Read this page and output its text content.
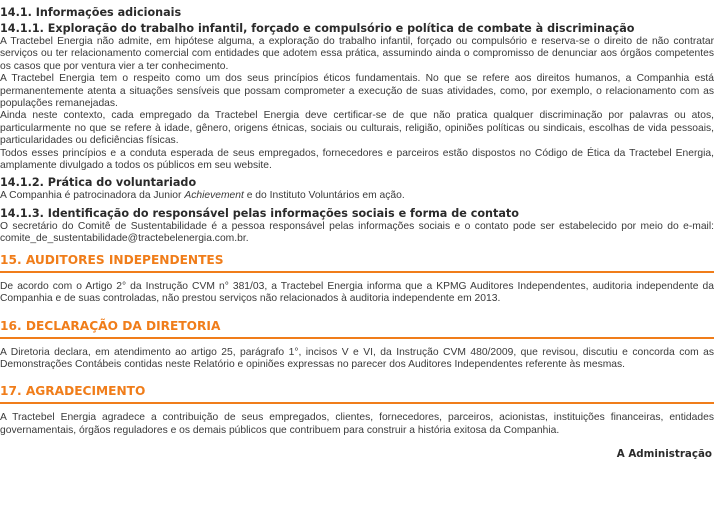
14.1. Informações adicionais
14.1.1. Exploração do trabalho infantil, forçado e compulsório e política de combate à discriminação

A Tractebel Energia não admite, em hipótese alguma, a exploração do trabalho infantil, forçado ou compulsório e reserva-se o direito de não contratar serviços ou ter relacionamento comercial com entidades que adotem essa prática, assumindo ainda o compromisso de denunciar aos órgãos competentes os casos que por ventura vier a ter conhecimento.

A Tractebel Energia tem o respeito como um dos seus princípios éticos fundamentais. No que se refere aos direitos humanos, a Companhia está permanentemente atenta a situações sensíveis que possam comprometer a execução de suas atividades, como, por exemplo, o relacionamento com as populações remanejadas.

Ainda neste contexto, cada empregado da Tractebel Energia deve certificar-se de que não pratica qualquer discriminação por palavras ou atos, particularmente no que se refere à idade, gênero, origens étnicas, sociais ou culturais, religião, opiniões políticas ou sindicais, escolhas de vida pessoais, particularidades ou deficiências físicas.

Todos esses princípios e a conduta esperada de seus empregados, fornecedores e parceiros estão dispostos no Código de Ética da Tractebel Energia, amplamente divulgado a todos os públicos em seu website.

14.1.2. Prática do voluntariado

A Companhia é patrocinadora da Junior Achievement e do Instituto Voluntários em ação.

14.1.3. Identificação do responsável pelas informações sociais e forma de contato

O secretário do Comitê de Sustentabilidade é a pessoa responsável pelas informações sociais e o contato pode ser estabelecido por meio do e-mail: comite_de_sustentabilidade@tractebelenergia.com.br.

15. AUDITORES INDEPENDENTES

De acordo com o Artigo 2° da Instrução CVM n° 381/03, a Tractebel Energia informa que a KPMG Auditores Independentes, auditoria independente da Companhia e de suas controladas, não prestou serviços não relacionados à auditoria independente em 2013.

16. DECLARAÇÃO DA DIRETORIA

A Diretoria declara, em atendimento ao artigo 25, parágrafo 1°, incisos V e VI, da Instrução CVM 480/2009, que revisou, discutiu e concorda com as Demonstrações Contábeis contidas neste Relatório e opiniões expressas no parecer dos Auditores Independentes referente às mesmas.

17. AGRADECIMENTO

A Tractebel Energia agradece a contribuição de seus empregados, clientes, fornecedores, parceiros, acionistas, instituições financeiras, entidades governamentais, órgãos reguladores e os demais públicos que contribuem para construir a história exitosa da Companhia.

A Administração
